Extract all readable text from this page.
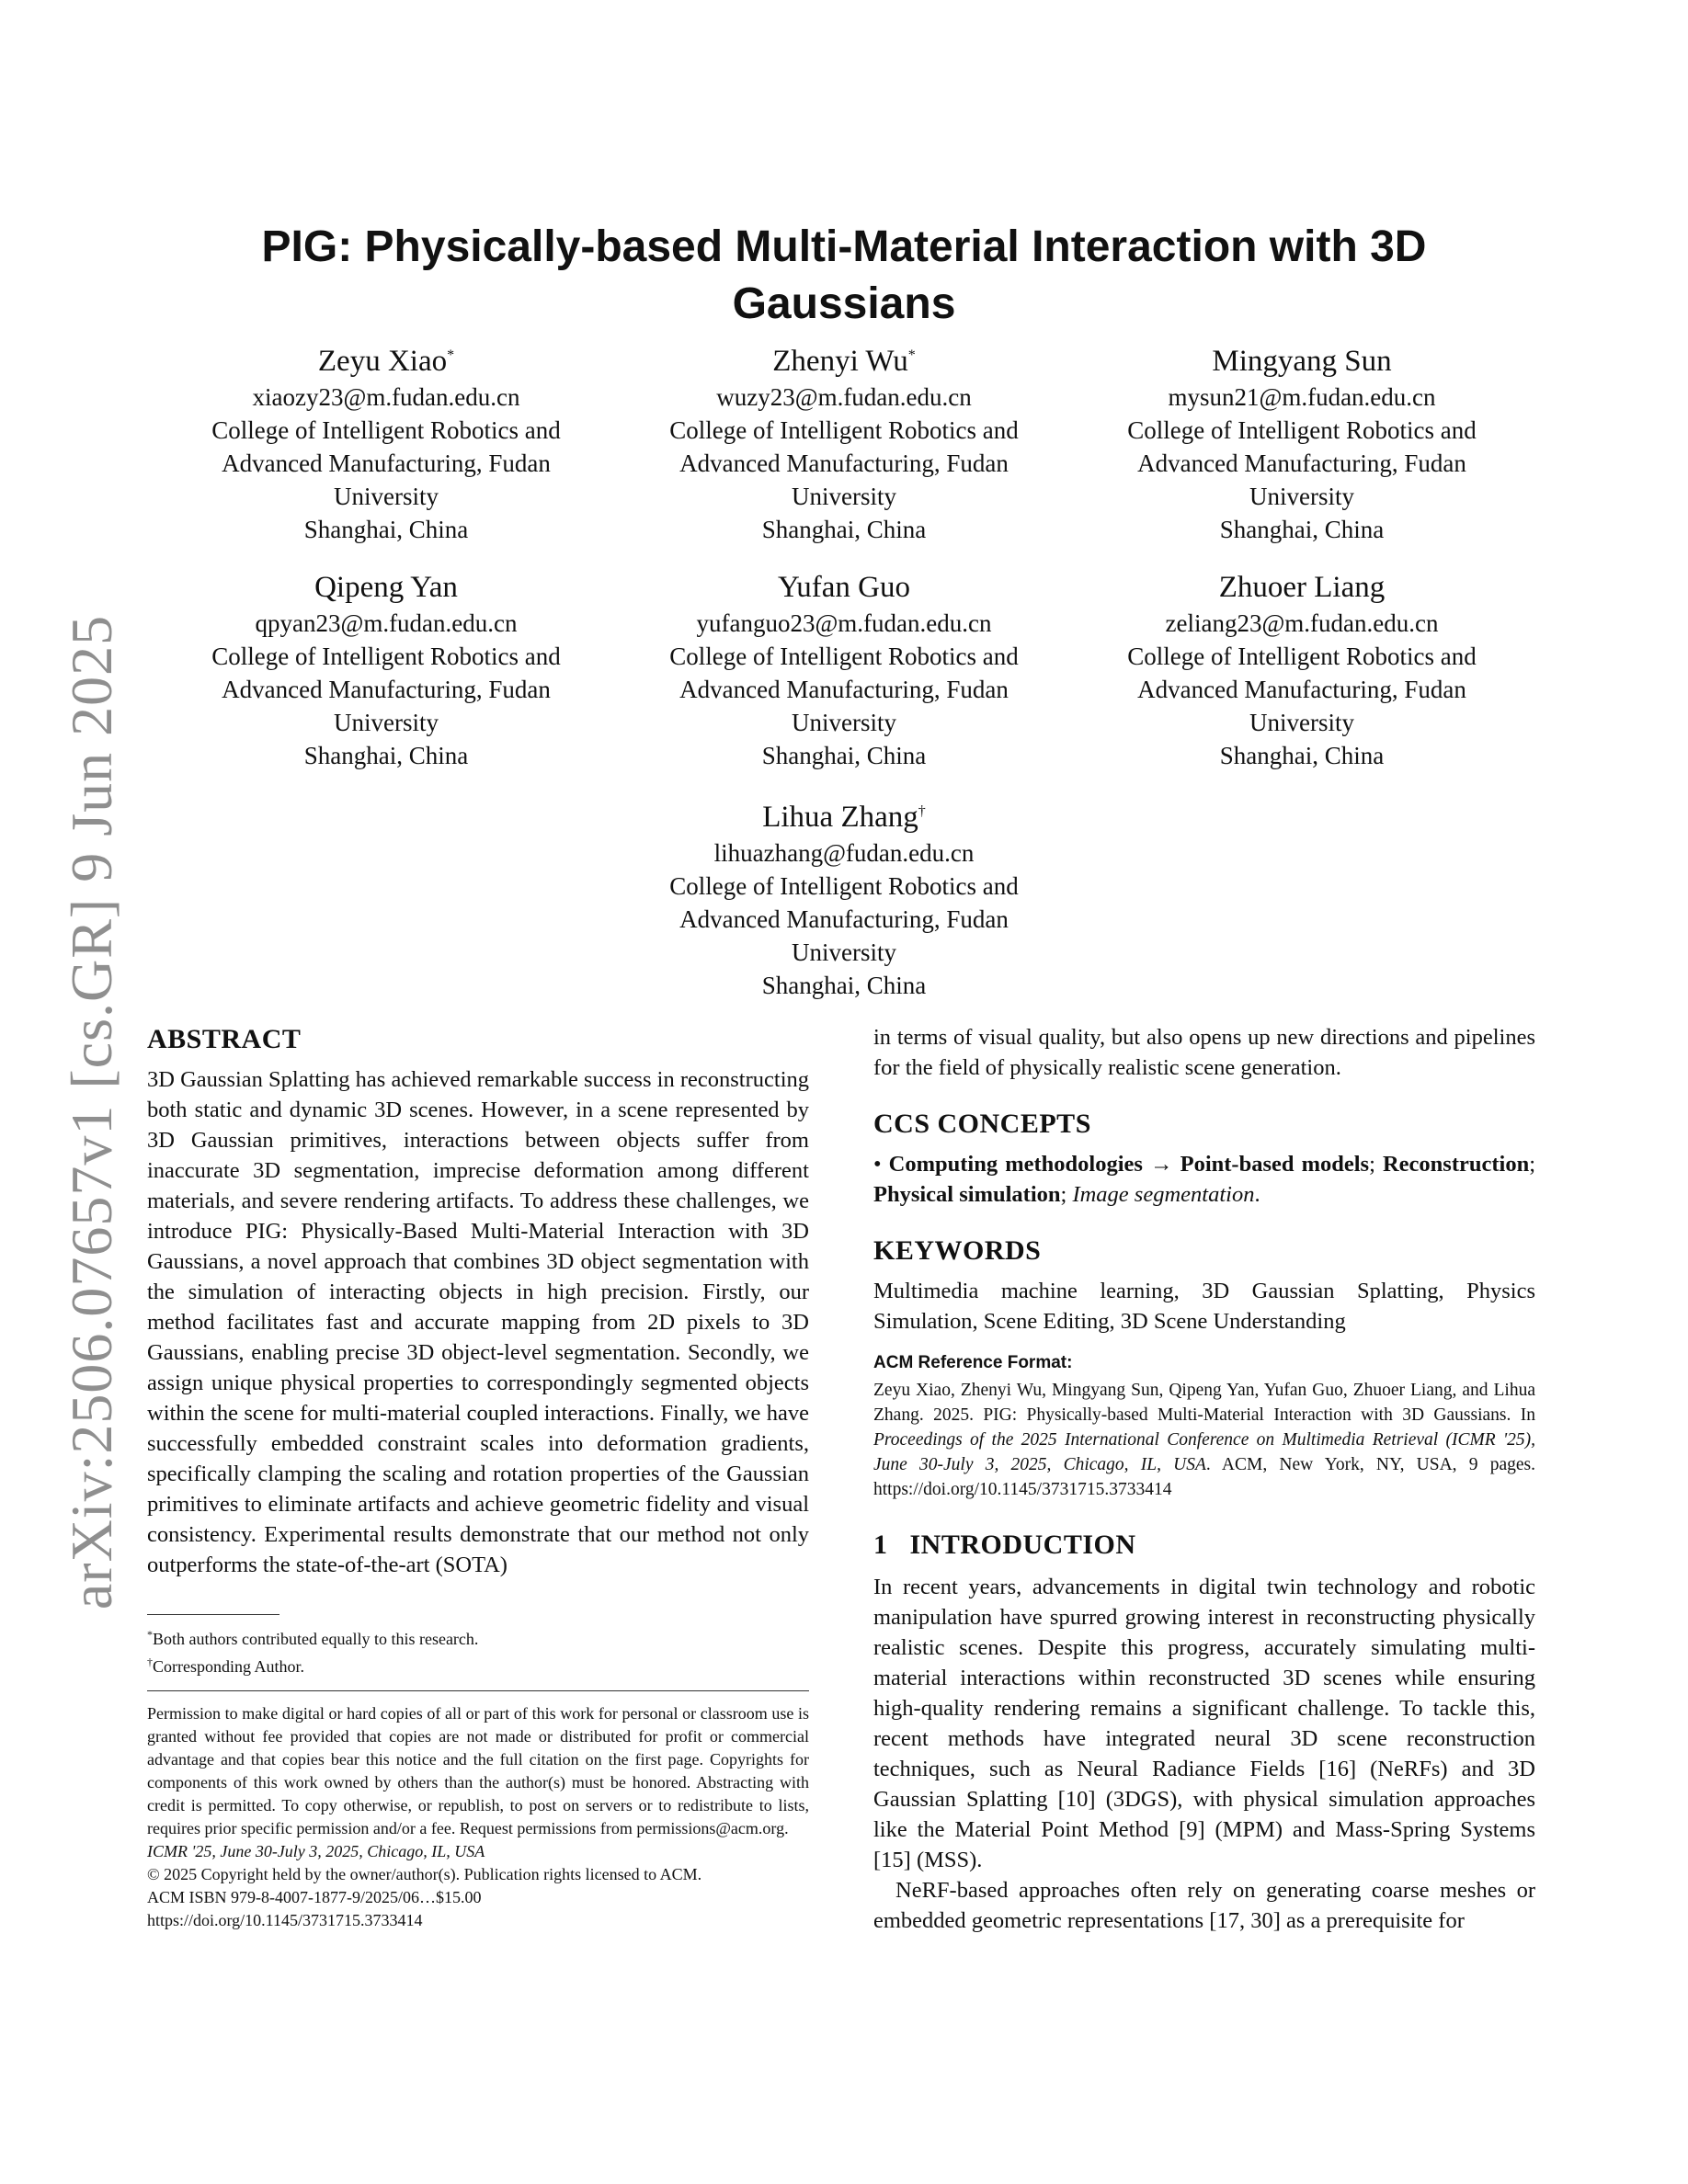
arXiv:2506.07657v1 [cs.GR] 9 Jun 2025
PIG: Physically-based Multi-Material Interaction with 3D Gaussians
Zeyu Xiao*
xiaozy23@m.fudan.edu.cn
College of Intelligent Robotics and
Advanced Manufacturing, Fudan
University
Shanghai, China
Zhenyi Wu*
wuzy23@m.fudan.edu.cn
College of Intelligent Robotics and
Advanced Manufacturing, Fudan
University
Shanghai, China
Mingyang Sun
mysun21@m.fudan.edu.cn
College of Intelligent Robotics and
Advanced Manufacturing, Fudan
University
Shanghai, China
Qipeng Yan
qpyan23@m.fudan.edu.cn
College of Intelligent Robotics and
Advanced Manufacturing, Fudan
University
Shanghai, China
Yufan Guo
yufanguo23@m.fudan.edu.cn
College of Intelligent Robotics and
Advanced Manufacturing, Fudan
University
Shanghai, China
Zhuoer Liang
zeliang23@m.fudan.edu.cn
College of Intelligent Robotics and
Advanced Manufacturing, Fudan
University
Shanghai, China
Lihua Zhang†
lihuazhang@fudan.edu.cn
College of Intelligent Robotics and
Advanced Manufacturing, Fudan
University
Shanghai, China
ABSTRACT

3D Gaussian Splatting has achieved remarkable success in reconstructing both static and dynamic 3D scenes. However, in a scene represented by 3D Gaussian primitives, interactions between objects suffer from inaccurate 3D segmentation, imprecise deformation among different materials, and severe rendering artifacts. To address these challenges, we introduce PIG: Physically-Based Multi-Material Interaction with 3D Gaussians, a novel approach that combines 3D object segmentation with the simulation of interacting objects in high precision. Firstly, our method facilitates fast and accurate mapping from 2D pixels to 3D Gaussians, enabling precise 3D object-level segmentation. Secondly, we assign unique physical properties to correspondingly segmented objects within the scene for multi-material coupled interactions. Finally, we have successfully embedded constraint scales into deformation gradients, specifically clamping the scaling and rotation properties of the Gaussian primitives to eliminate artifacts and achieve geometric fidelity and visual consistency. Experimental results demonstrate that our method not only outperforms the state-of-the-art (SOTA)

*Both authors contributed equally to this research.

†Corresponding Author.

Permission to make digital or hard copies of all or part of this work for personal or classroom use is granted without fee provided that copies are not made or distributed for profit or commercial advantage and that copies bear this notice and the full citation on the first page. Copyrights for components of this work owned by others than the author(s) must be honored. Abstracting with credit is permitted. To copy otherwise, or republish, to post on servers or to redistribute to lists, requires prior specific permission and/or a fee. Request permissions from permissions@acm.org.

ICMR '25, June 30-July 3, 2025, Chicago, IL, USA

© 2025 Copyright held by the owner/author(s). Publication rights licensed to ACM.

ACM ISBN 979-8-4007-1877-9/2025/06…$15.00

https://doi.org/10.1145/3731715.3733414

in terms of visual quality, but also opens up new directions and pipelines for the field of physically realistic scene generation.

CCS CONCEPTS

• Computing methodologies → Point-based models; Reconstruction; Physical simulation; Image segmentation.

KEYWORDS

Multimedia machine learning, 3D Gaussian Splatting, Physics Simulation, Scene Editing, 3D Scene Understanding

ACM Reference Format:

Zeyu Xiao, Zhenyi Wu, Mingyang Sun, Qipeng Yan, Yufan Guo, Zhuoer Liang, and Lihua Zhang. 2025. PIG: Physically-based Multi-Material Interaction with 3D Gaussians. In Proceedings of the 2025 International Conference on Multimedia Retrieval (ICMR '25), June 30-July 3, 2025, Chicago, IL, USA. ACM, New York, NY, USA, 9 pages. https://doi.org/10.1145/3731715.3733414

1 INTRODUCTION

In recent years, advancements in digital twin technology and robotic manipulation have spurred growing interest in reconstructing physically realistic scenes. Despite this progress, accurately simulating multi-material interactions within reconstructed 3D scenes while ensuring high-quality rendering remains a significant challenge. To tackle this, recent methods have integrated neural 3D scene reconstruction techniques, such as Neural Radiance Fields [16] (NeRFs) and 3D Gaussian Splatting [10] (3DGS), with physical simulation approaches like the Material Point Method [9] (MPM) and Mass-Spring Systems [15] (MSS).

NeRF-based approaches often rely on generating coarse meshes or embedded geometric representations [17, 30] as a prerequisite for
